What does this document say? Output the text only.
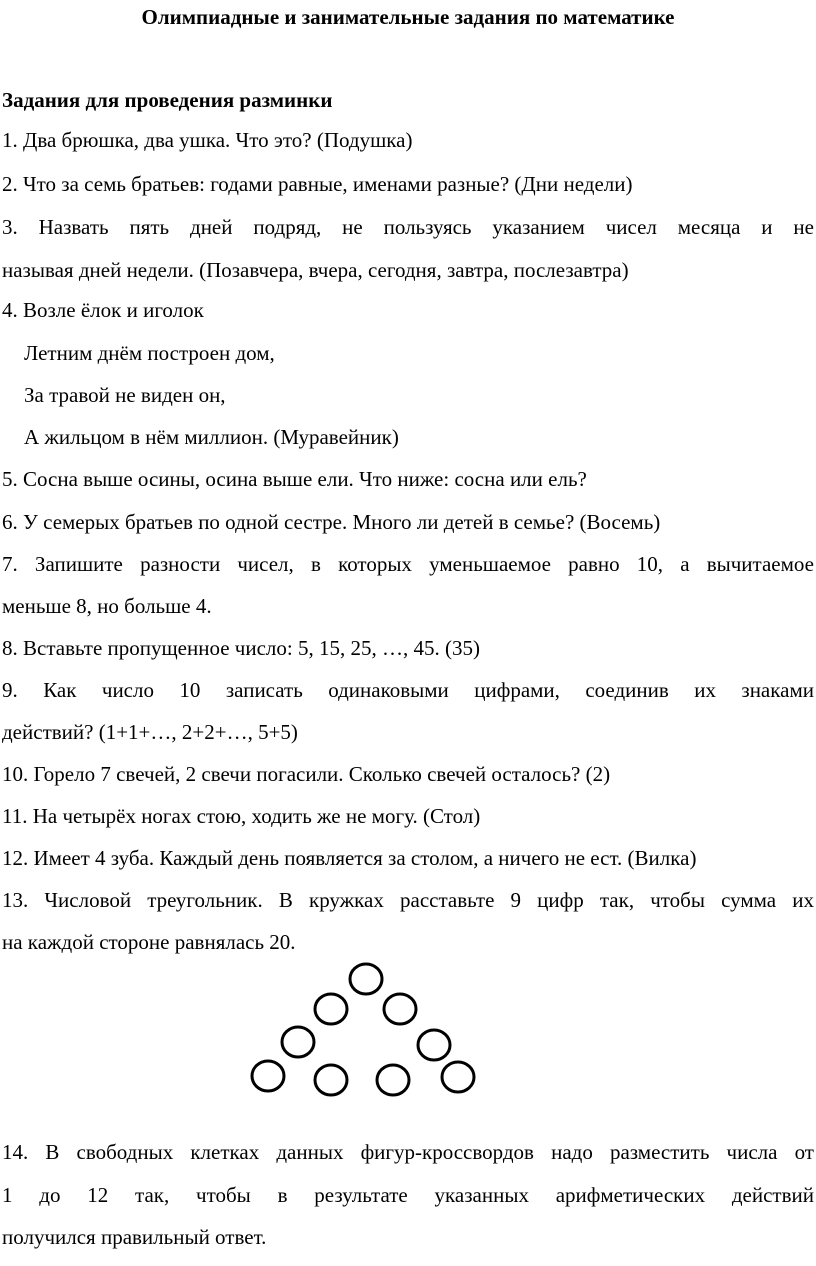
Олимпиадные и занимательные задания по математике
Задания для проведения разминки
1. Два брюшка, два ушка. Что это? (Подушка)
2. Что за семь братьев: годами равные, именами разные? (Дни недели)
3. Назвать пять дней подряд, не пользуясь указанием чисел месяца и не
называя дней недели. (Позавчера, вчера, сегодня, завтра, послезавтра)
4. Возле ёлок и иголок
Летним днём построен дом,
За травой не виден он,
А жильцом в нём миллион. (Муравейник)
5. Сосна выше осины, осина выше ели. Что ниже: сосна или ель?
6. У семерых братьев по одной сестре. Много ли детей в семье? (Восемь)
7. Запишите разности чисел, в которых уменьшаемое равно 10, а вычитаемое
меньше 8, но больше 4.
8. Вставьте пропущенное число: 5, 15, 25, …, 45. (35)
9. Как число 10 записать одинаковыми цифрами, соединив их знаками
действий? (1+1+…, 2+2+…, 5+5)
10. Горело 7 свечей, 2 свечи погасили. Сколько свечей осталось? (2)
11. На четырёх ногах стою, ходить же не могу. (Стол)
12. Имеет 4 зуба. Каждый день появляется за столом, а ничего не ест. (Вилка)
13. Числовой треугольник. В кружках расставьте 9 цифр так, чтобы сумма их
на каждой стороне равнялась 20.
14. В свободных клетках данных фигур-кроссвордов надо разместить числа от
1 до 12 так, чтобы в результате указанных арифметических действий
получился правильный ответ.
